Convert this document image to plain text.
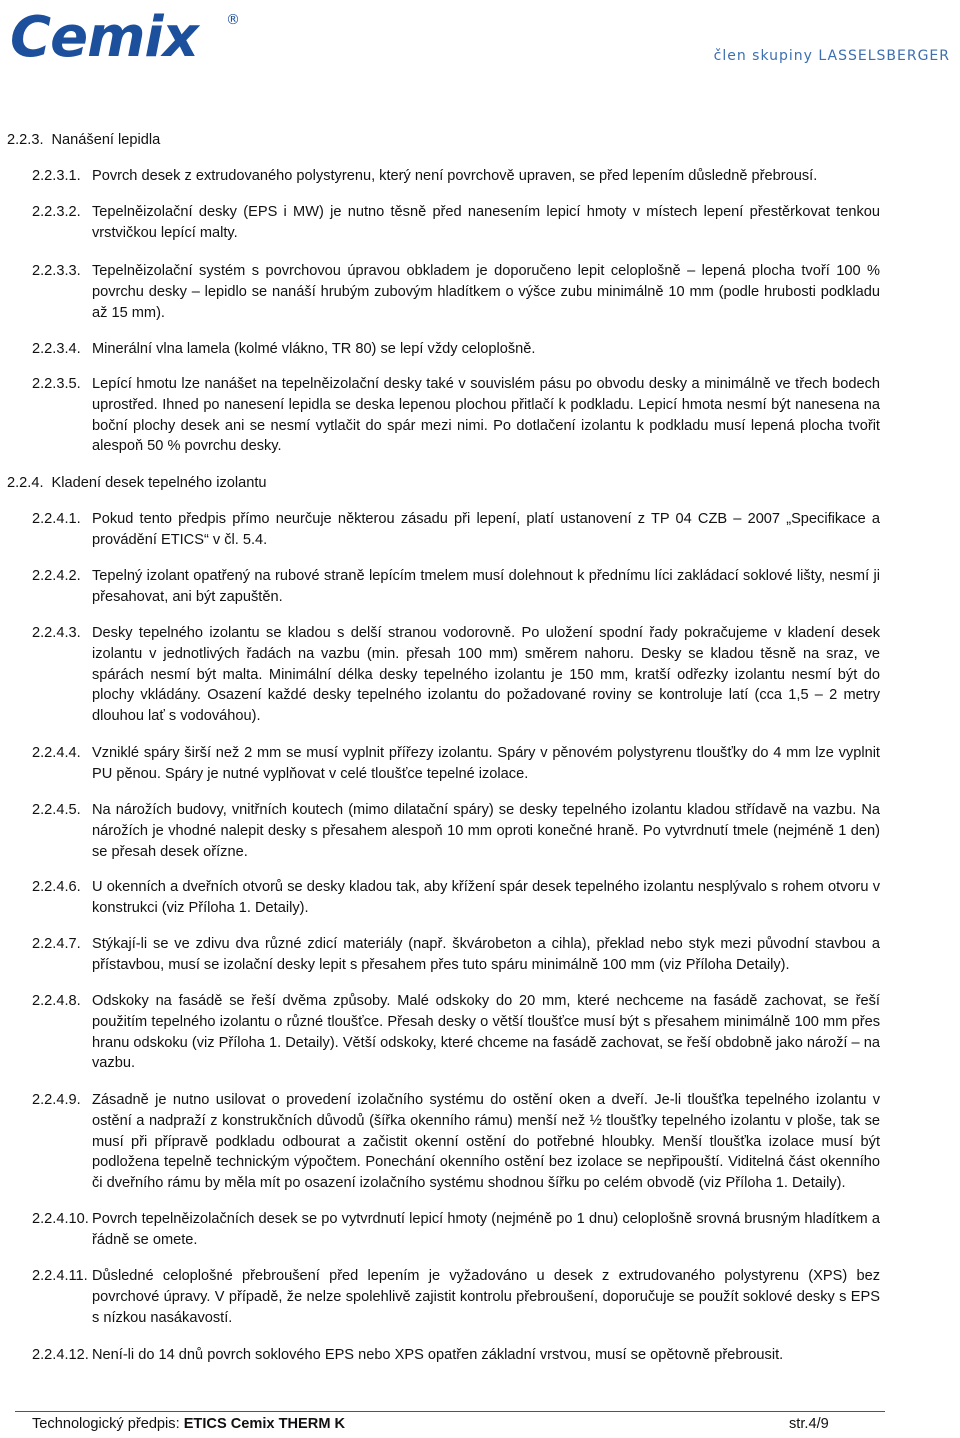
Cemix ®
člen skupiny LASSELSBERGER
2.2.3. Nanášení lepidla
2.2.3.1. Povrch desek z extrudovaného polystyrenu, který není povrchově upraven, se před lepením důsledně přebrousí.
2.2.3.2. Tepelněizolační desky (EPS i MW) je nutno těsně před nanesením lepicí hmoty v místech lepení přestěrkovat tenkou vrstvičkou lepící malty.
2.2.3.3. Tepelněizolační systém s povrchovou úpravou obkladem je doporučeno lepit celoplošně – lepená plocha tvoří 100 % povrchu desky – lepidlo se nanáší hrubým zubovým hladítkem o výšce zubu minimálně 10 mm (podle hrubosti podkladu až 15 mm).
2.2.3.4. Minerální vlna lamela (kolmé vlákno, TR 80) se lepí vždy celoplošně.
2.2.3.5. Lepící hmotu lze nanášet na tepelněizolační desky také v souvislém pásu po obvodu desky a minimálně ve třech bodech uprostřed. Ihned po nanesení lepidla se deska lepenou plochou přitlačí k podkladu. Lepicí hmota nesmí být nanesena na boční plochy desek ani se nesmí vytlačit do spár mezi nimi. Po dotlačení izolantu k podkladu musí lepená plocha tvořit alespoň 50 % povrchu desky.
2.2.4. Kladení desek tepelného izolantu
2.2.4.1. Pokud tento předpis přímo neurčuje některou zásadu při lepení, platí ustanovení z TP 04 CZB – 2007 „Specifikace a provádění ETICS“ v čl. 5.4.
2.2.4.2. Tepelný izolant opatřený na rubové straně lepícím tmelem musí dolehnout k přednímu líci zakládací soklové lišty, nesmí ji přesahovat, ani být zapuštěn.
2.2.4.3. Desky tepelného izolantu se kladou s delší stranou vodorovně. Po uložení spodní řady pokračujeme v kladení desek izolantu v jednotlivých řadách na vazbu (min. přesah 100 mm) směrem nahoru. Desky se kladou těsně na sraz, ve spárách nesmí být malta. Minimální délka desky tepelného izolantu je 150 mm, kratší odřezky izolantu nesmí být do plochy vkládány. Osazení každé desky tepelného izolantu do požadované roviny se kontroluje latí (cca 1,5 – 2 metry dlouhou lať s vodováhou).
2.2.4.4. Vzniklé spáry širší než 2 mm se musí vyplnit přířezy izolantu. Spáry v pěnovém polystyrenu tloušťky do 4 mm lze vyplnit PU pěnou. Spáry je nutné vyplňovat v celé tloušťce tepelné izolace.
2.2.4.5. Na nárožích budovy, vnitřních koutech (mimo dilatační spáry) se desky tepelného izolantu kladou střídavě na vazbu. Na nárožích je vhodné nalepit desky s přesahem alespoň 10 mm oproti konečné hraně. Po vytvrdnutí tmele (nejméně 1 den) se přesah desek ořízne.
2.2.4.6. U okenních a dveřních otvorů se desky kladou tak, aby křížení spár desek tepelného izolantu nesplývalo s rohem otvoru v konstrukci (viz Příloha 1. Detaily).
2.2.4.7. Stýkají-li se ve zdivu dva různé zdicí materiály (např. škvárobeton a cihla), překlad nebo styk mezi původní stavbou a přístavbou, musí se izolační desky lepit s přesahem přes tuto spáru minimálně 100 mm (viz Příloha Detaily).
2.2.4.8. Odskoky na fasádě se řeší dvěma způsoby. Malé odskoky do 20 mm, které nechceme na fasádě zachovat, se řeší použitím tepelného izolantu o různé tloušťce. Přesah desky o větší tloušťce musí být s přesahem minimálně 100 mm přes hranu odskoku (viz Příloha 1. Detaily). Větší odskoky, které chceme na fasádě zachovat, se řeší obdobně jako nároží – na vazbu.
2.2.4.9. Zásadně je nutno usilovat o provedení izolačního systému do ostění oken a dveří. Je-li tloušťka tepelného izolantu v ostění a nadpraží z konstrukčních důvodů (šířka okenního rámu) menší než ½ tloušťky tepelného izolantu v ploše, tak se musí při přípravě podkladu odbourat a začistit okenní ostění do potřebné hloubky. Menší tloušťka izolace musí být podložena tepelně technickým výpočtem. Ponechání okenního ostění bez izolace se nepřipouští. Viditelná část okenního či dveřního rámu by měla mít po osazení izolačního systému shodnou šířku po celém obvodě (viz Příloha 1. Detaily).
2.2.4.10. Povrch tepelněizolačních desek se po vytvrdnutí lepicí hmoty (nejméně po 1 dnu) celoplošně srovná brusným hladítkem a řádně se omete.
2.2.4.11. Důsledné celoplošné přebroušení před lepením je vyžadováno u desek z extrudovaného polystyrenu (XPS) bez povrchové úpravy. V případě, že nelze spolehlivě zajistit kontrolu přebroušení, doporučuje se použít soklové desky s EPS s nízkou nasákavostí.
2.2.4.12. Není-li do 14 dnů povrch soklového EPS nebo XPS opatřen základní vrstvou, musí se opětovně přebrousit.
Technologický předpis: ETICS Cemix THERM K	str.4/9
